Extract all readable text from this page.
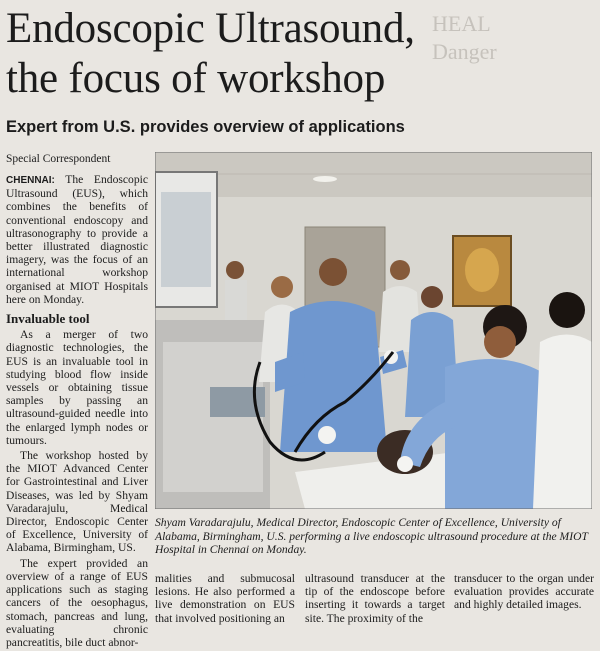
HEAL
Danger
Endoscopic Ultrasound,
the focus of workshop
Expert from U.S. provides overview of applications
Special Correspondent

CHENNAI: The Endoscopic Ultrasound (EUS), which combines the benefits of conventional endoscopy and ultrasonography to provide a better illustrated diagnostic imagery, was the focus of an international workshop organised at MIOT Hospitals here on Monday.

Invaluable tool

As a merger of two diagnostic technologies, the EUS is an invaluable tool in studying blood flow inside vessels or obtaining tissue samples by passing an ultrasound-guided needle into the enlarged lymph nodes or tumours.

The workshop hosted by the MIOT Advanced Center for Gastrointestinal and Liver Diseases, was led by Shyam Varadarajulu, Medical Director, Endoscopic Center of Excellence, University of Alabama, Birmingham, US.

The expert provided an overview of a range of EUS applications such as staging cancers of the oesophagus, stomach, pancreas and lung, evaluating chronic pancreatitis, bile duct abnor-

Shyam Varadarajulu, Medical Director, Endoscopic Center of Excellence, University of Alabama, Birmingham, U.S. performing a live endoscopic ultrasound procedure at the MIOT Hospital in Chennai on Monday.
malities and submucosal lesions. He also performed a live demonstration on EUS that involved positioning an
ultrasound transducer at the tip of the endoscope before inserting it towards a target site. The proximity of the
transducer to the organ under evaluation provides accurate and highly detailed images.
